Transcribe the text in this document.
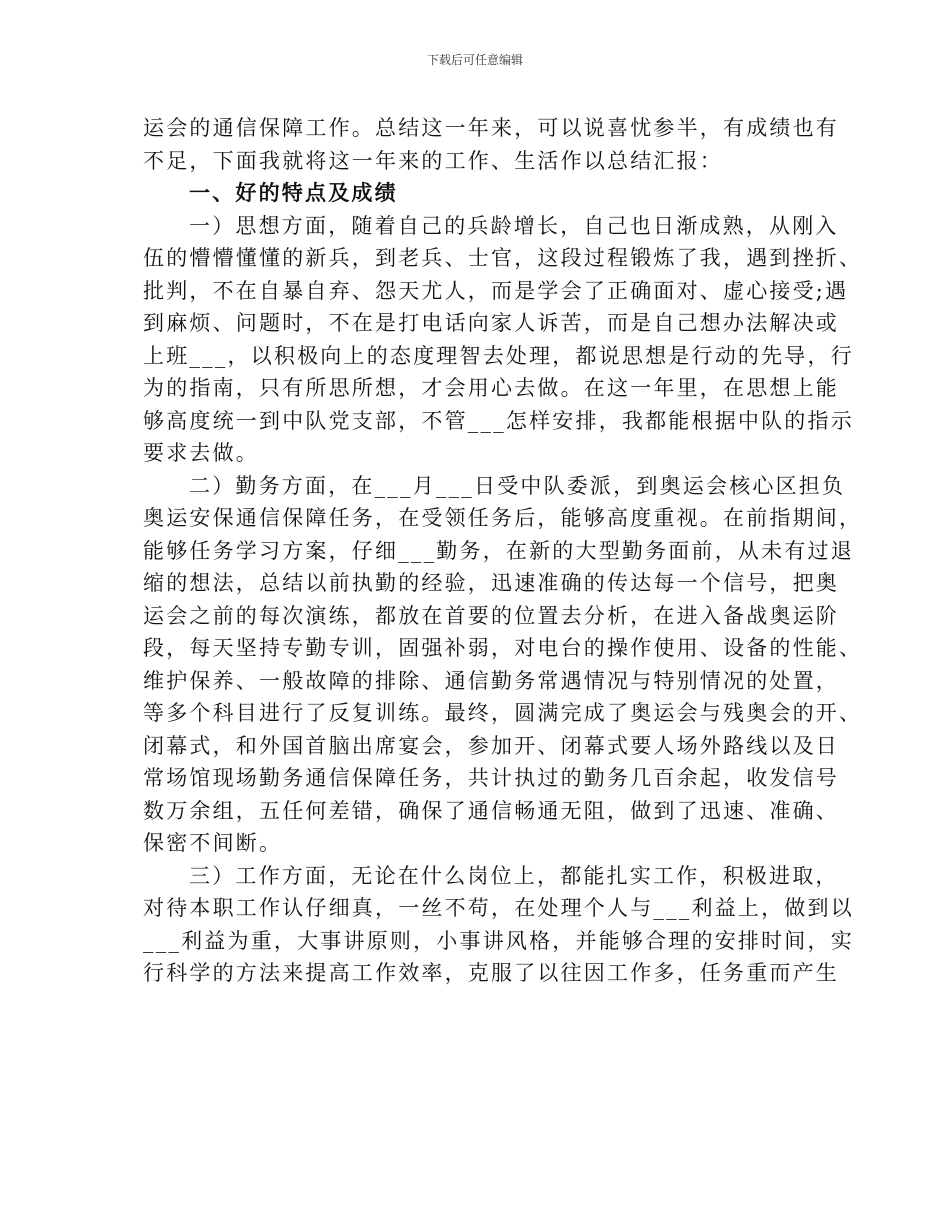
下载后可任意编辑
运会的通信保障工作。总结这一年来，可以说喜忧参半，有成绩也有
不足，下面我就将这一年来的工作、生活作以总结汇报：
一、好的特点及成绩
一）思想方面，随着自己的兵龄增长，自己也日渐成熟，从刚入
伍的懵懵懂懂的新兵，到老兵、士官，这段过程锻炼了我，遇到挫折、
批判，不在自暴自弃、怨天尤人，而是学会了正确面对、虚心接受;遇
到麻烦、问题时，不在是打电话向家人诉苦，而是自己想办法解决或
上班___，以积极向上的态度理智去处理，都说思想是行动的先导，行
为的指南，只有所思所想，才会用心去做。在这一年里，在思想上能
够高度统一到中队党支部，不管___怎样安排，我都能根据中队的指示
要求去做。
二）勤务方面，在___月___日受中队委派，到奥运会核心区担负
奥运安保通信保障任务，在受领任务后，能够高度重视。在前指期间，
能够任务学习方案，仔细___勤务，在新的大型勤务面前，从未有过退
缩的想法，总结以前执勤的经验，迅速准确的传达每一个信号，把奥
运会之前的每次演练，都放在首要的位置去分析，在进入备战奥运阶
段，每天坚持专勤专训，固强补弱，对电台的操作使用、设备的性能、
维护保养、一般故障的排除、通信勤务常遇情况与特别情况的处置，
等多个科目进行了反复训练。最终，圆满完成了奥运会与残奥会的开、
闭幕式，和外国首脑出席宴会，参加开、闭幕式要人场外路线以及日
常场馆现场勤务通信保障任务，共计执过的勤务几百余起，收发信号
数万余组，五任何差错，确保了通信畅通无阻，做到了迅速、准确、
保密不间断。
三）工作方面，无论在什么岗位上，都能扎实工作，积极进取，
对待本职工作认仔细真，一丝不苟，在处理个人与___利益上，做到以
___利益为重，大事讲原则，小事讲风格，并能够合理的安排时间，实
行科学的方法来提高工作效率，克服了以往因工作多，任务重而产生
